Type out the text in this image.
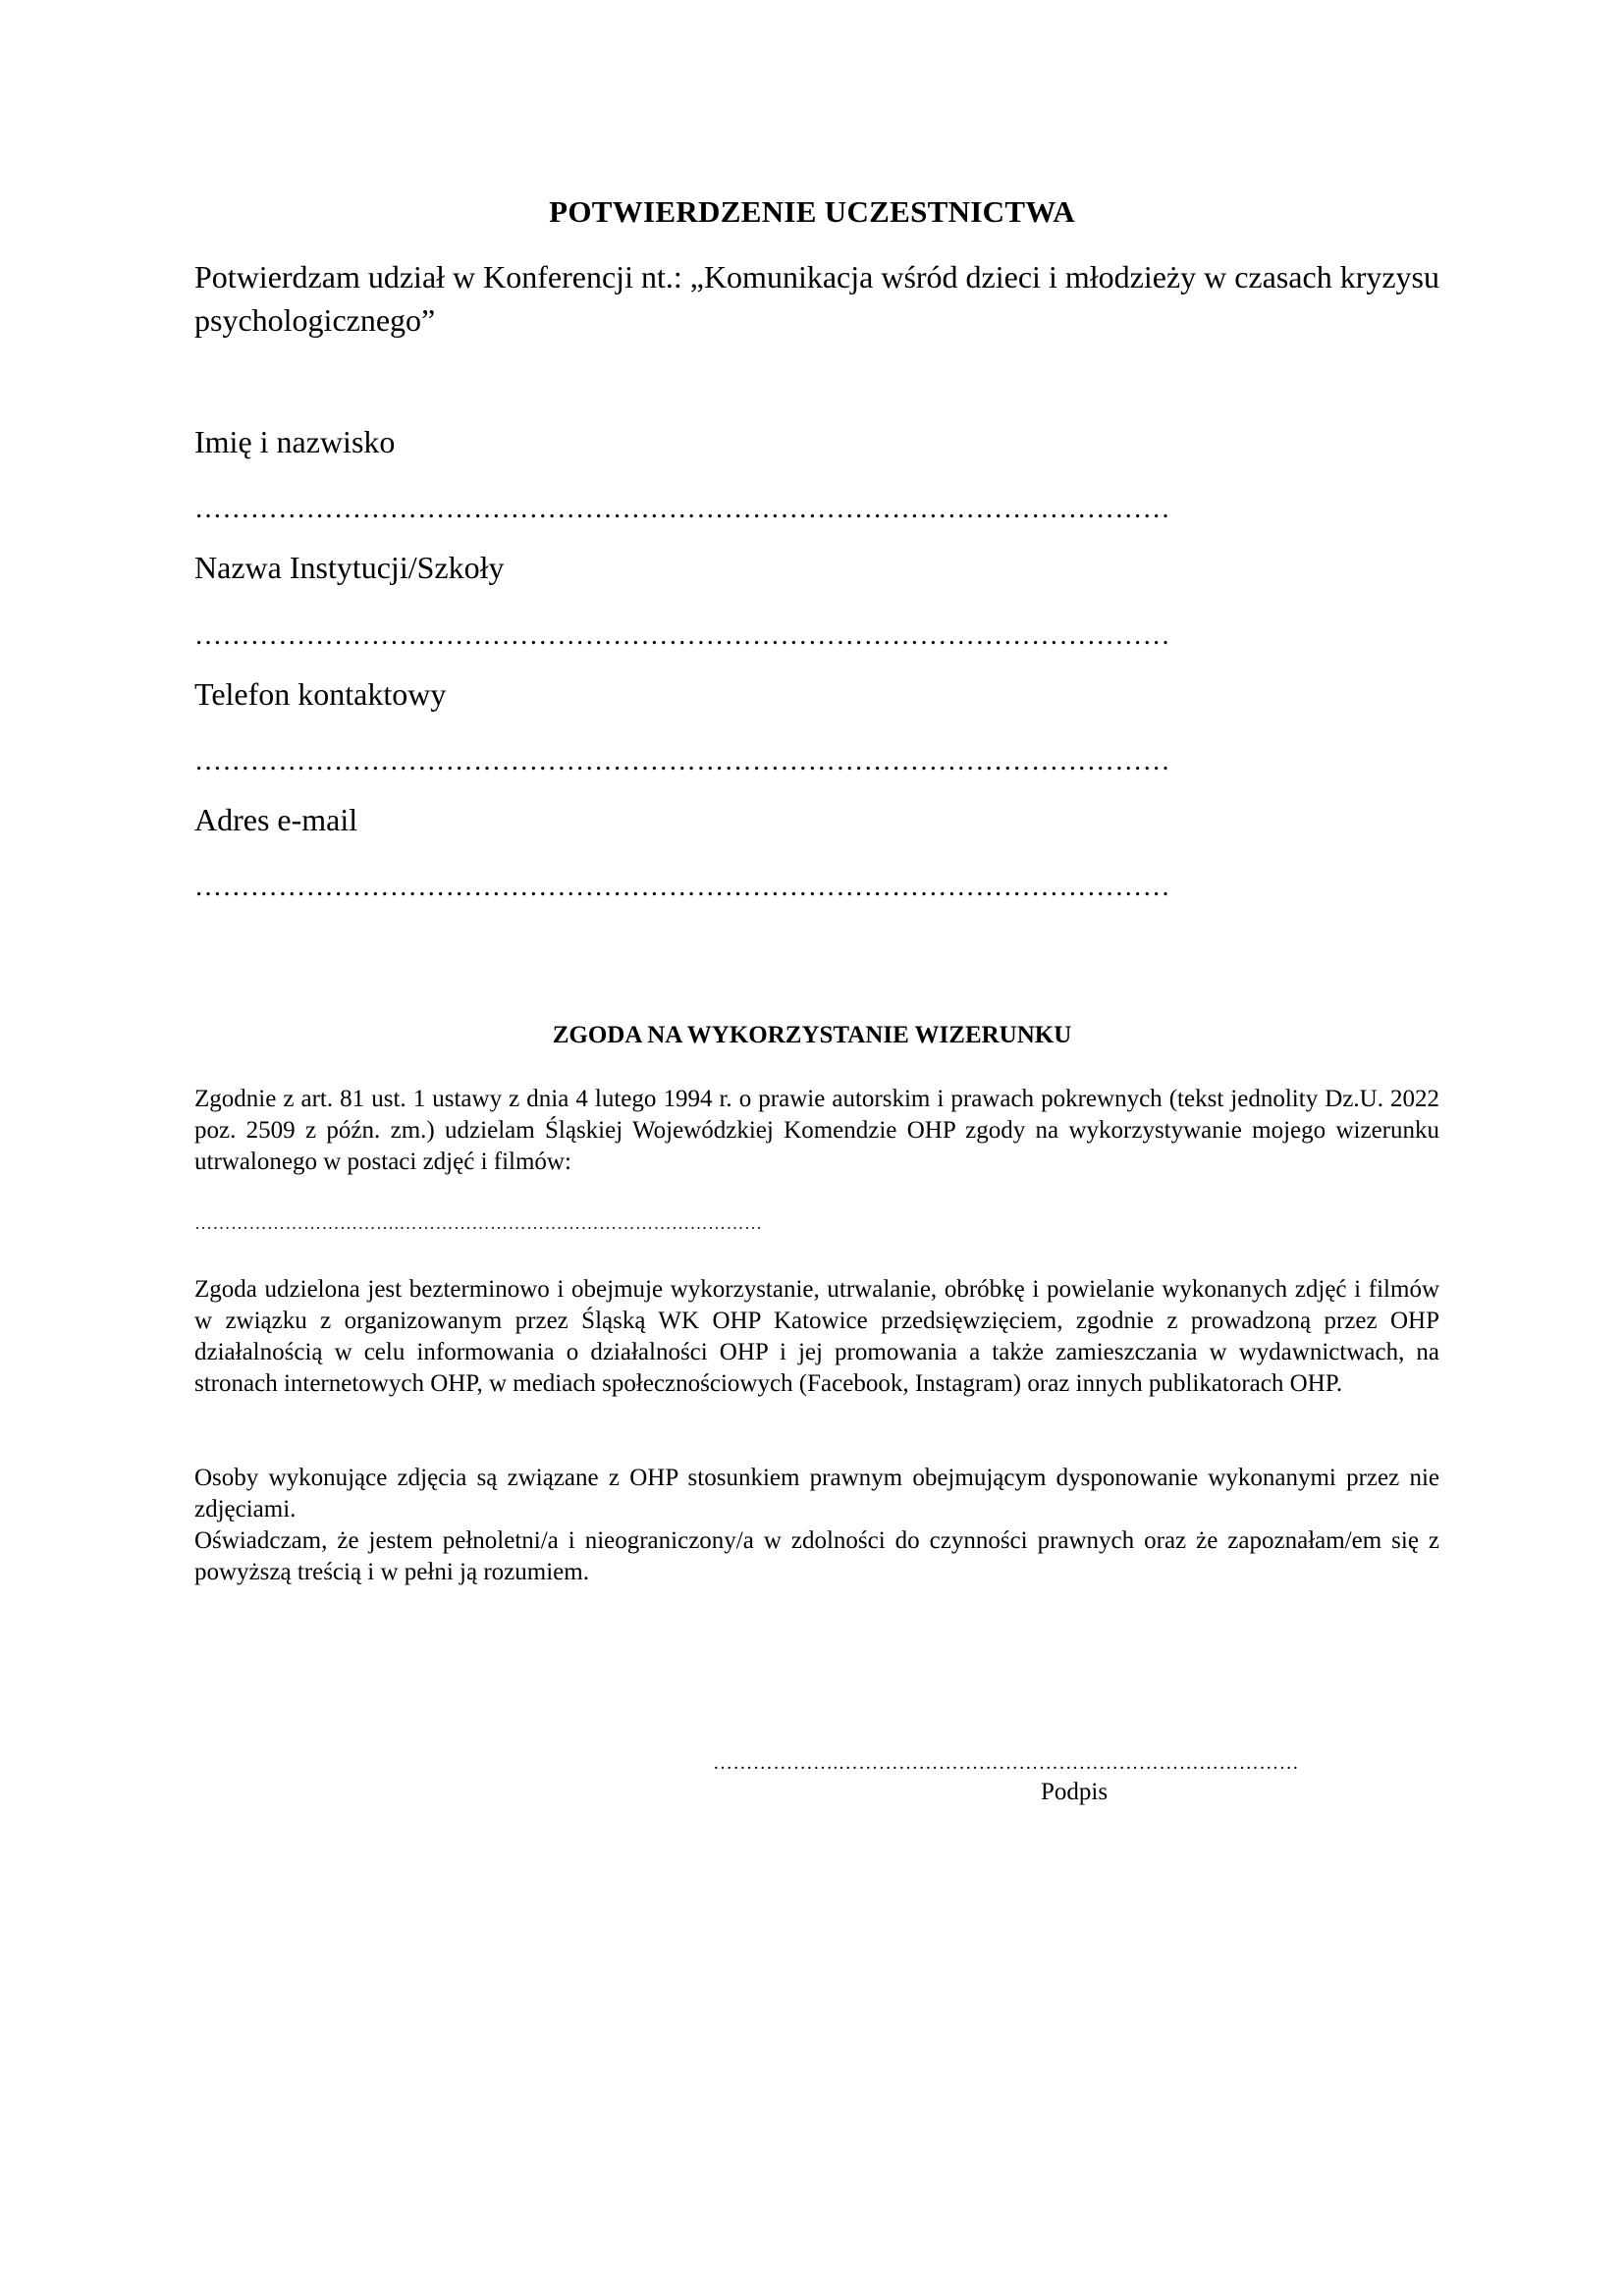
POTWIERDZENIE UCZESTNICTWA

Potwierdzam udział w Konferencji nt.: „Komunikacja wśród dzieci i młodzieży w czasach kryzysu psychologicznego”

Imię i nazwisko
……………………………………………………………………………………………
Nazwa Instytucji/Szkoły
……………………………………………………………………………………………
Telefon kontaktowy
……………………………………………………………………………………………
Adres e-mail
……………………………………………………………………………………………
ZGODA NA WYKORZYSTANIE WIZERUNKU

Zgodnie z art. 81 ust. 1 ustawy z dnia 4 lutego 1994 r. o prawie autorskim i prawach pokrewnych (tekst jednolity Dz.U. 2022 poz. 2509 z późn. zm.) udzielam Śląskiej Wojewódzkiej Komendzie OHP zgody na wykorzystywanie mojego wizerunku utrwalonego w postaci zdjęć i filmów:

…………………………….……………………………………………………

Zgoda udzielona jest bezterminowo i obejmuje wykorzystanie, utrwalanie, obróbkę i powielanie wykonanych zdjęć i filmów w związku z organizowanym przez Śląską WK OHP Katowice przedsięwzięciem, zgodnie z prowadzoną przez OHP działalnością w celu informowania o działalności OHP i jej promowania a także zamieszczania w wydawnictwach, na stronach internetowych OHP, w mediach społecznościowych (Facebook, Instagram) oraz innych publikatorach OHP.

Osoby wykonujące zdjęcia są związane z OHP stosunkiem prawnym obejmującym dysponowanie wykonanymi przez nie zdjęciami.

Oświadczam, że jestem pełnoletni/a i nieograniczony/a w zdolności do czynności prawnych oraz że zapoznałam/em się z powyższą treścią i w pełni ją rozumiem.

……………….……………………………………………………………
Podpis
